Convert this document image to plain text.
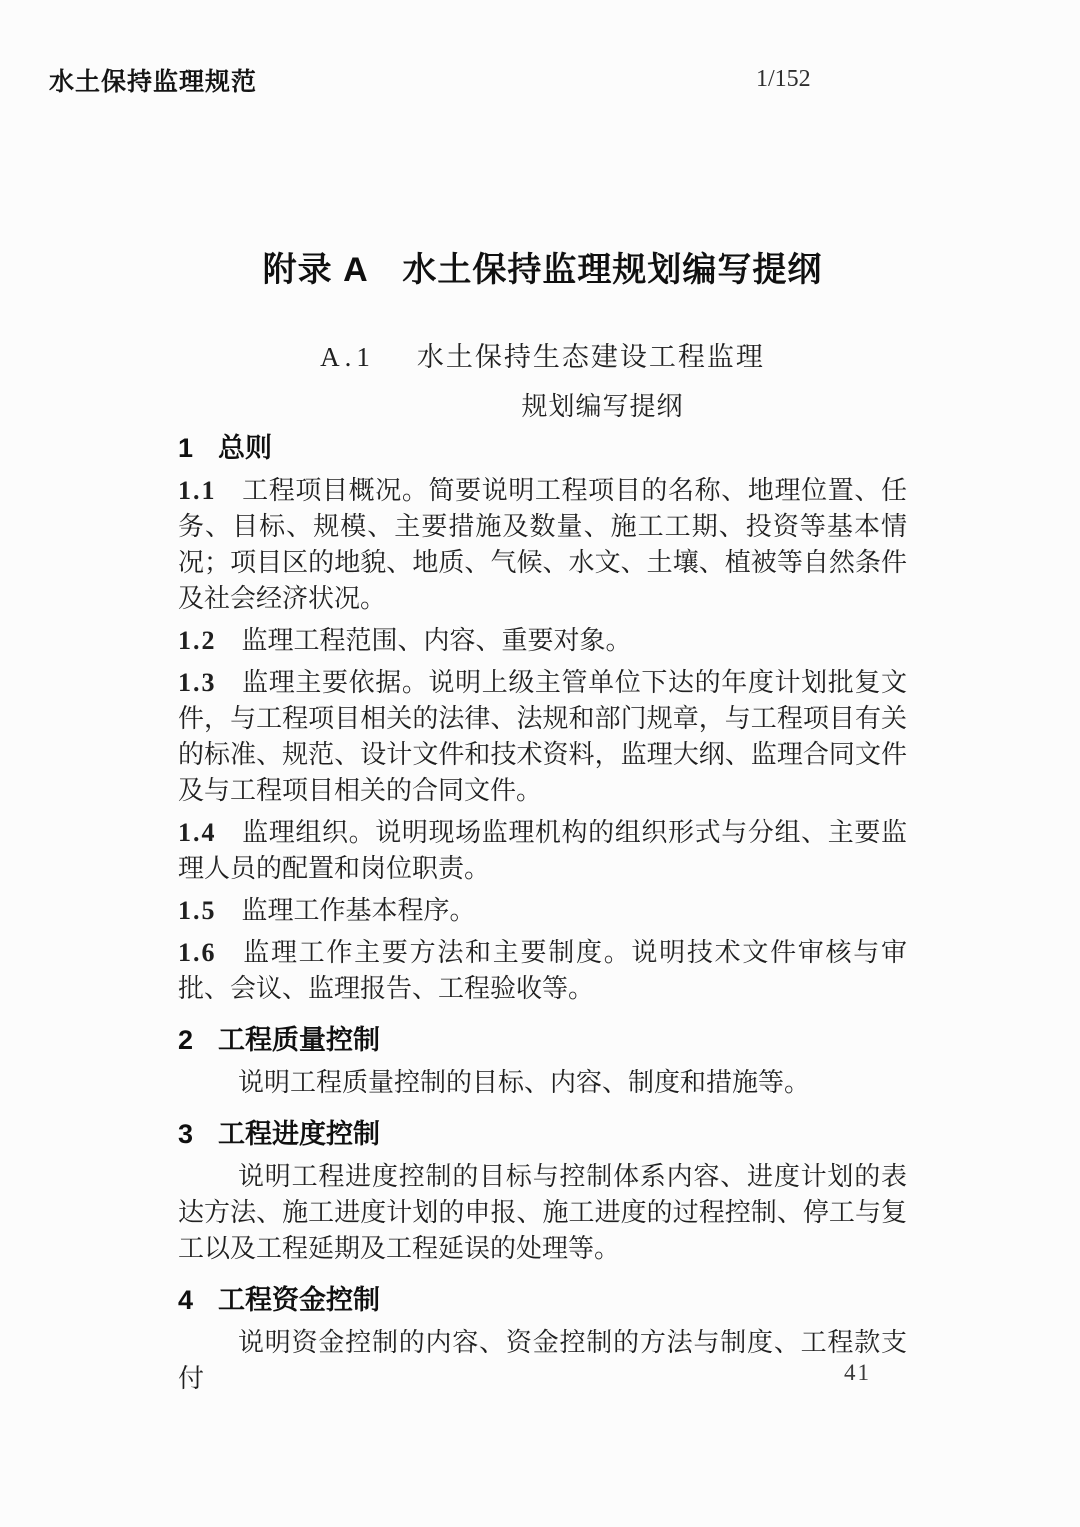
水土保持监理规范	1/152
附录 A　水土保持监理规划编写提纲
A.1 水土保持生态建设工程监理
规划编写提纲
1 总则

1.1 工程项目概况。简要说明工程项目的名称、地理位置、任务、目标、规模、主要措施及数量、施工工期、投资等基本情况；项目区的地貌、地质、气候、水文、土壤、植被等自然条件及社会经济状况。

1.2 监理工程范围、内容、重要对象。

1.3 监理主要依据。说明上级主管单位下达的年度计划批复文件，与工程项目相关的法律、法规和部门规章，与工程项目有关的标准、规范、设计文件和技术资料，监理大纲、监理合同文件及与工程项目相关的合同文件。

1.4 监理组织。说明现场监理机构的组织形式与分组、主要监理人员的配置和岗位职责。

1.5 监理工作基本程序。

1.6 监理工作主要方法和主要制度。说明技术文件审核与审批、会议、监理报告、工程验收等。

2 工程质量控制

说明工程质量控制的目标、内容、制度和措施等。

3 工程进度控制

说明工程进度控制的目标与控制体系内容、进度计划的表达方法、施工进度计划的申报、施工进度的过程控制、停工与复工以及工程延期及工程延误的处理等。

4 工程资金控制

说明资金控制的内容、资金控制的方法与制度、工程款支付	41
